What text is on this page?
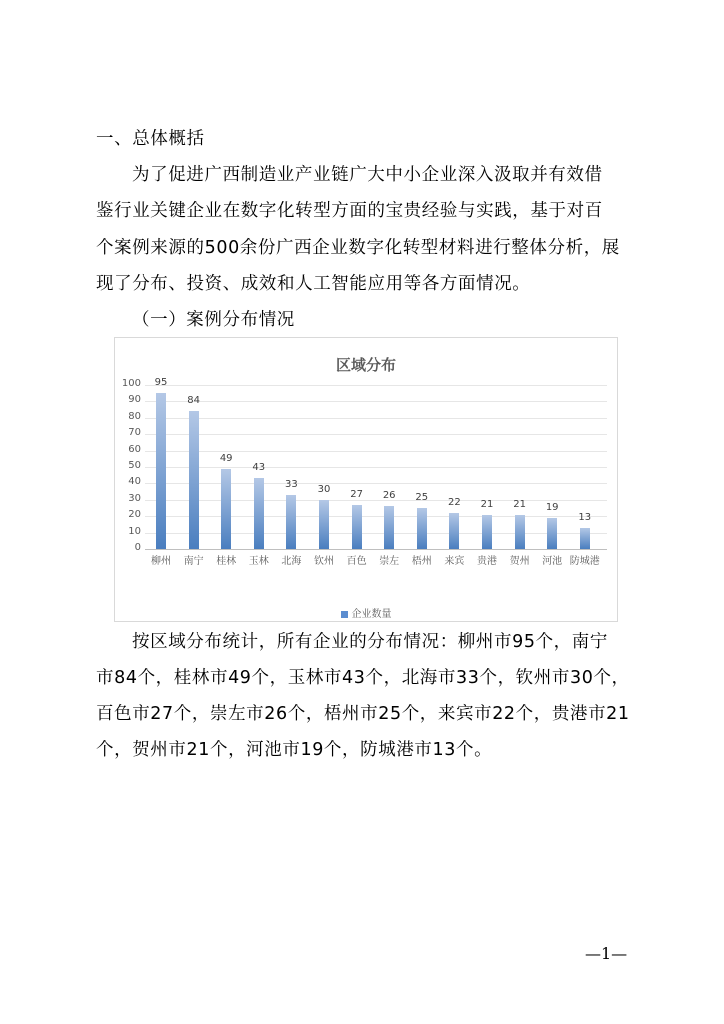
一、总体概括
为了促进广西制造业产业链广大中小企业深入汲取并有效借
鉴行业关键企业在数字化转型方面的宝贵经验与实践，基于对百
个案例来源的500余份广西企业数字化转型材料进行整体分析，展
现了分布、投资、成效和人工智能应用等各方面情况。
（一）案例分布情况
区域分布
企业数量
100
90
80
70
60
50
40
30
20
10
0
95
柳州
84
南宁
49
桂林
43
玉林
33
北海
30
钦州
27
百色
26
崇左
25
梧州
22
来宾
21
贵港
21
贺州
19
河池
13
防城港
按区域分布统计，所有企业的分布情况：柳州市95个，南宁
市84个，桂林市49个，玉林市43个，北海市33个，钦州市30个，
百色市27个，崇左市26个，梧州市25个，来宾市22个，贵港市21
个，贺州市21个，河池市19个，防城港市13个。
—1—
